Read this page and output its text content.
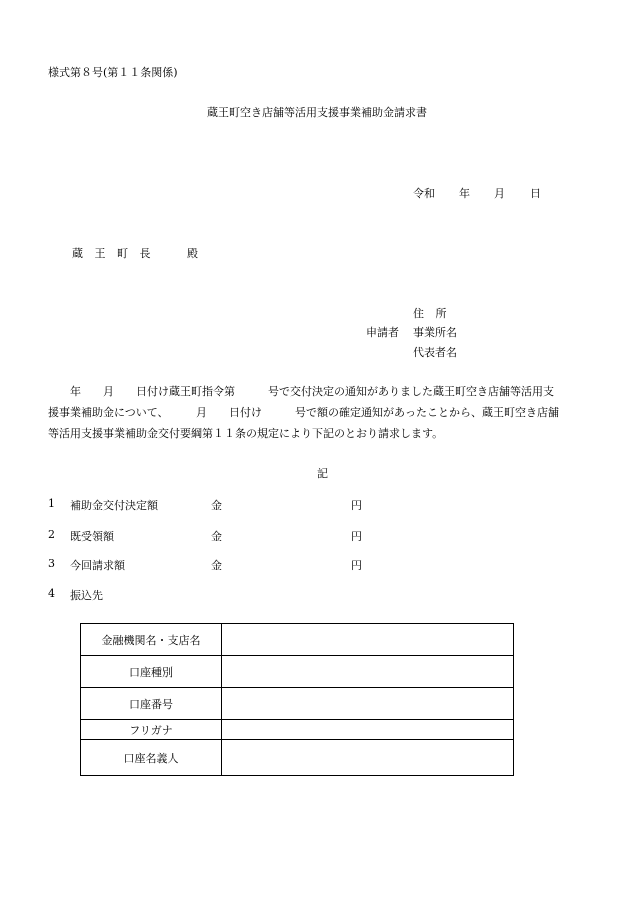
様式第８号(第１１条関係)
蔵王町空き店舗等活用支援事業補助金請求書
令和 年 月 日
蔵 王 町 長	殿
住 所
申請者 事業所名
代表者名
　　年　　月　　日付け蔵王町指令第　　　号で交付決定の通知がありました蔵王町空き店舗等活用支
援事業補助金について、　　　月　　日付け　　　号で額の確定通知があったことから、蔵王町空き店舗
等活用支援事業補助金交付要綱第１１条の規定により下記のとおり請求します。
記
1 補助金交付決定額	金	円
2 既受領額	金	円
3 今回請求額	金	円
4 振込先
金融機関名・支店名	
口座種別	
口座番号	
フリガナ	
口座名義人	
